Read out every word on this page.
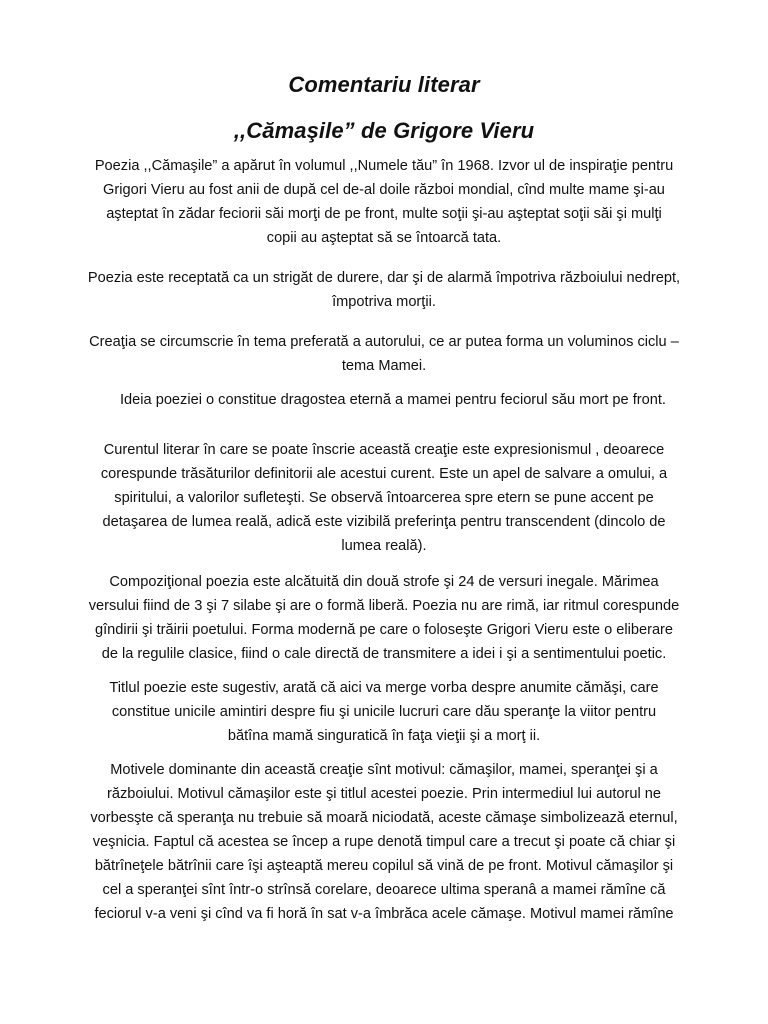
Comentariu literar
,,Cămaşile” de Grigore Vieru
Poezia ,,Cămaşile” a apărut în volumul ,,Numele tău” în 1968. Izvor ul de inspiraţie pentru
Grigori Vieru au fost anii de după cel de-al doile război mondial, cînd multe mame şi-au
aşteptat în zădar feciorii săi morţi de pe front, multe soţii şi-au aşteptat soţii săi şi mulţi
copii au aşteptat să se întoarcă tata.
Poezia este receptată ca un strigăt de durere, dar şi de alarmă împotriva războiului nedrept,
împotriva morţii.
Creaţia se circumscrie în tema preferată a autorului, ce ar putea forma un voluminos ciclu –
tema Mamei.
Ideia poeziei o constitue dragostea eternă a mamei pentru feciorul său mort pe front.
Curentul literar în care se poate înscrie această creaţie este expresionismul , deoarece
corespunde trăsăturilor definitorii ale acestui curent. Este un apel de salvare a omului, a
spiritului, a valorilor sufleteşti. Se observă întoarcerea spre etern se pune accent pe
detaşarea de lumea reală, adică este vizibilă preferinţa pentru transcendent (dincolo de
lumea reală).
Compoziţional poezia este alcătuită din două strofe şi 24 de versuri inegale. Mărimea
versului fiind de 3 şi 7 silabe şi are o formă liberă. Poezia nu are rimă, iar ritmul corespunde
gîndirii şi trăirii poetului. Forma modernă pe care o foloseşte Grigori Vieru este o eliberare
de la regulile clasice, fiind o cale directă de transmitere a idei i şi a sentimentului poetic.
Titlul poezie este sugestiv, arată că aici va merge vorba despre anumite cămăşi, care
constitue unicile amintiri despre fiu şi unicile lucruri care dău speranţe la viitor pentru
bătîna mamă singuratică în faţa vieţii şi a morţ ii.
Motivele dominante din această creaţie sînt motivul: cămaşilor, mamei, speranţei şi a
războiului. Motivul cămaşilor este şi titlul acestei poezie. Prin intermediul lui autorul ne
vorbesşte că speranţa nu trebuie să moară niciodată, aceste cămaşe simbolizează eternul,
veşnicia. Faptul că acestea se încep a rupe denotă timpul care a trecut şi poate că chiar şi
bătrîneţele bătrînii care îşi aşteaptă mereu copilul să vină de pe front. Motivul cămaşilor şi
cel a speranţei sînt într-o strînsă corelare, deoarece ultima speranâ a mamei rămîne că
feciorul v-a veni şi cînd va fi horă în sat v-a îmbrăca acele cămaşe. Motivul mamei rămîne
